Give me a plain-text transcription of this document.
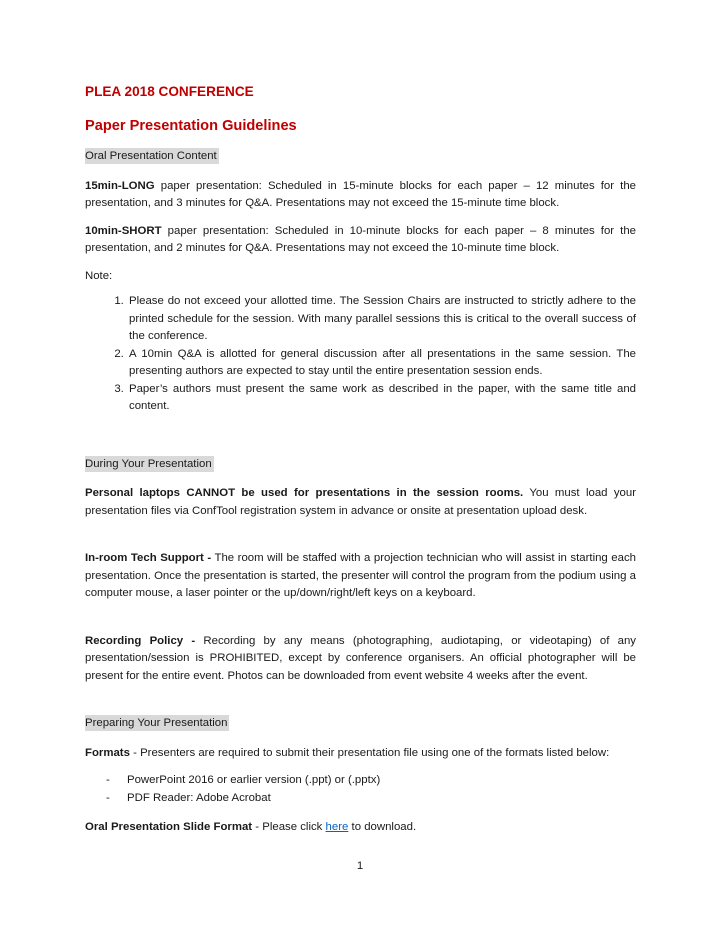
PLEA 2018 CONFERENCE
Paper Presentation Guidelines
Oral Presentation Content

15min-LONG paper presentation: Scheduled in 15-minute blocks for each paper – 12 minutes for the presentation, and 3 minutes for Q&A. Presentations may not exceed the 15-minute time block.

10min-SHORT paper presentation: Scheduled in 10-minute blocks for each paper – 8 minutes for the presentation, and 2 minutes for Q&A. Presentations may not exceed the 10-minute time block.

Note:

1. Please do not exceed your allotted time. The Session Chairs are instructed to strictly adhere to the printed schedule for the session. With many parallel sessions this is critical to the overall success of the conference.
2. A 10min Q&A is allotted for general discussion after all presentations in the same session. The presenting authors are expected to stay until the entire presentation session ends.
3. Paper’s authors must present the same work as described in the paper, with the same title and content.
During Your Presentation

Personal laptops CANNOT be used for presentations in the session rooms. You must load your presentation files via ConfTool registration system in advance or onsite at presentation upload desk.

In-room Tech Support - The room will be staffed with a projection technician who will assist in starting each presentation. Once the presentation is started, the presenter will control the program from the podium using a computer mouse, a laser pointer or the up/down/right/left keys on a keyboard.

Recording Policy - Recording by any means (photographing, audiotaping, or videotaping) of any presentation/session is PROHIBITED, except by conference organisers. An official photographer will be present for the entire event. Photos can be downloaded from event website 4 weeks after the event.

Preparing Your Presentation

Formats - Presenters are required to submit their presentation file using one of the formats listed below:

- PowerPoint 2016 or earlier version (.ppt) or (.pptx)
- PDF Reader: Adobe Acrobat

Oral Presentation Slide Format - Please click here to download.

1
